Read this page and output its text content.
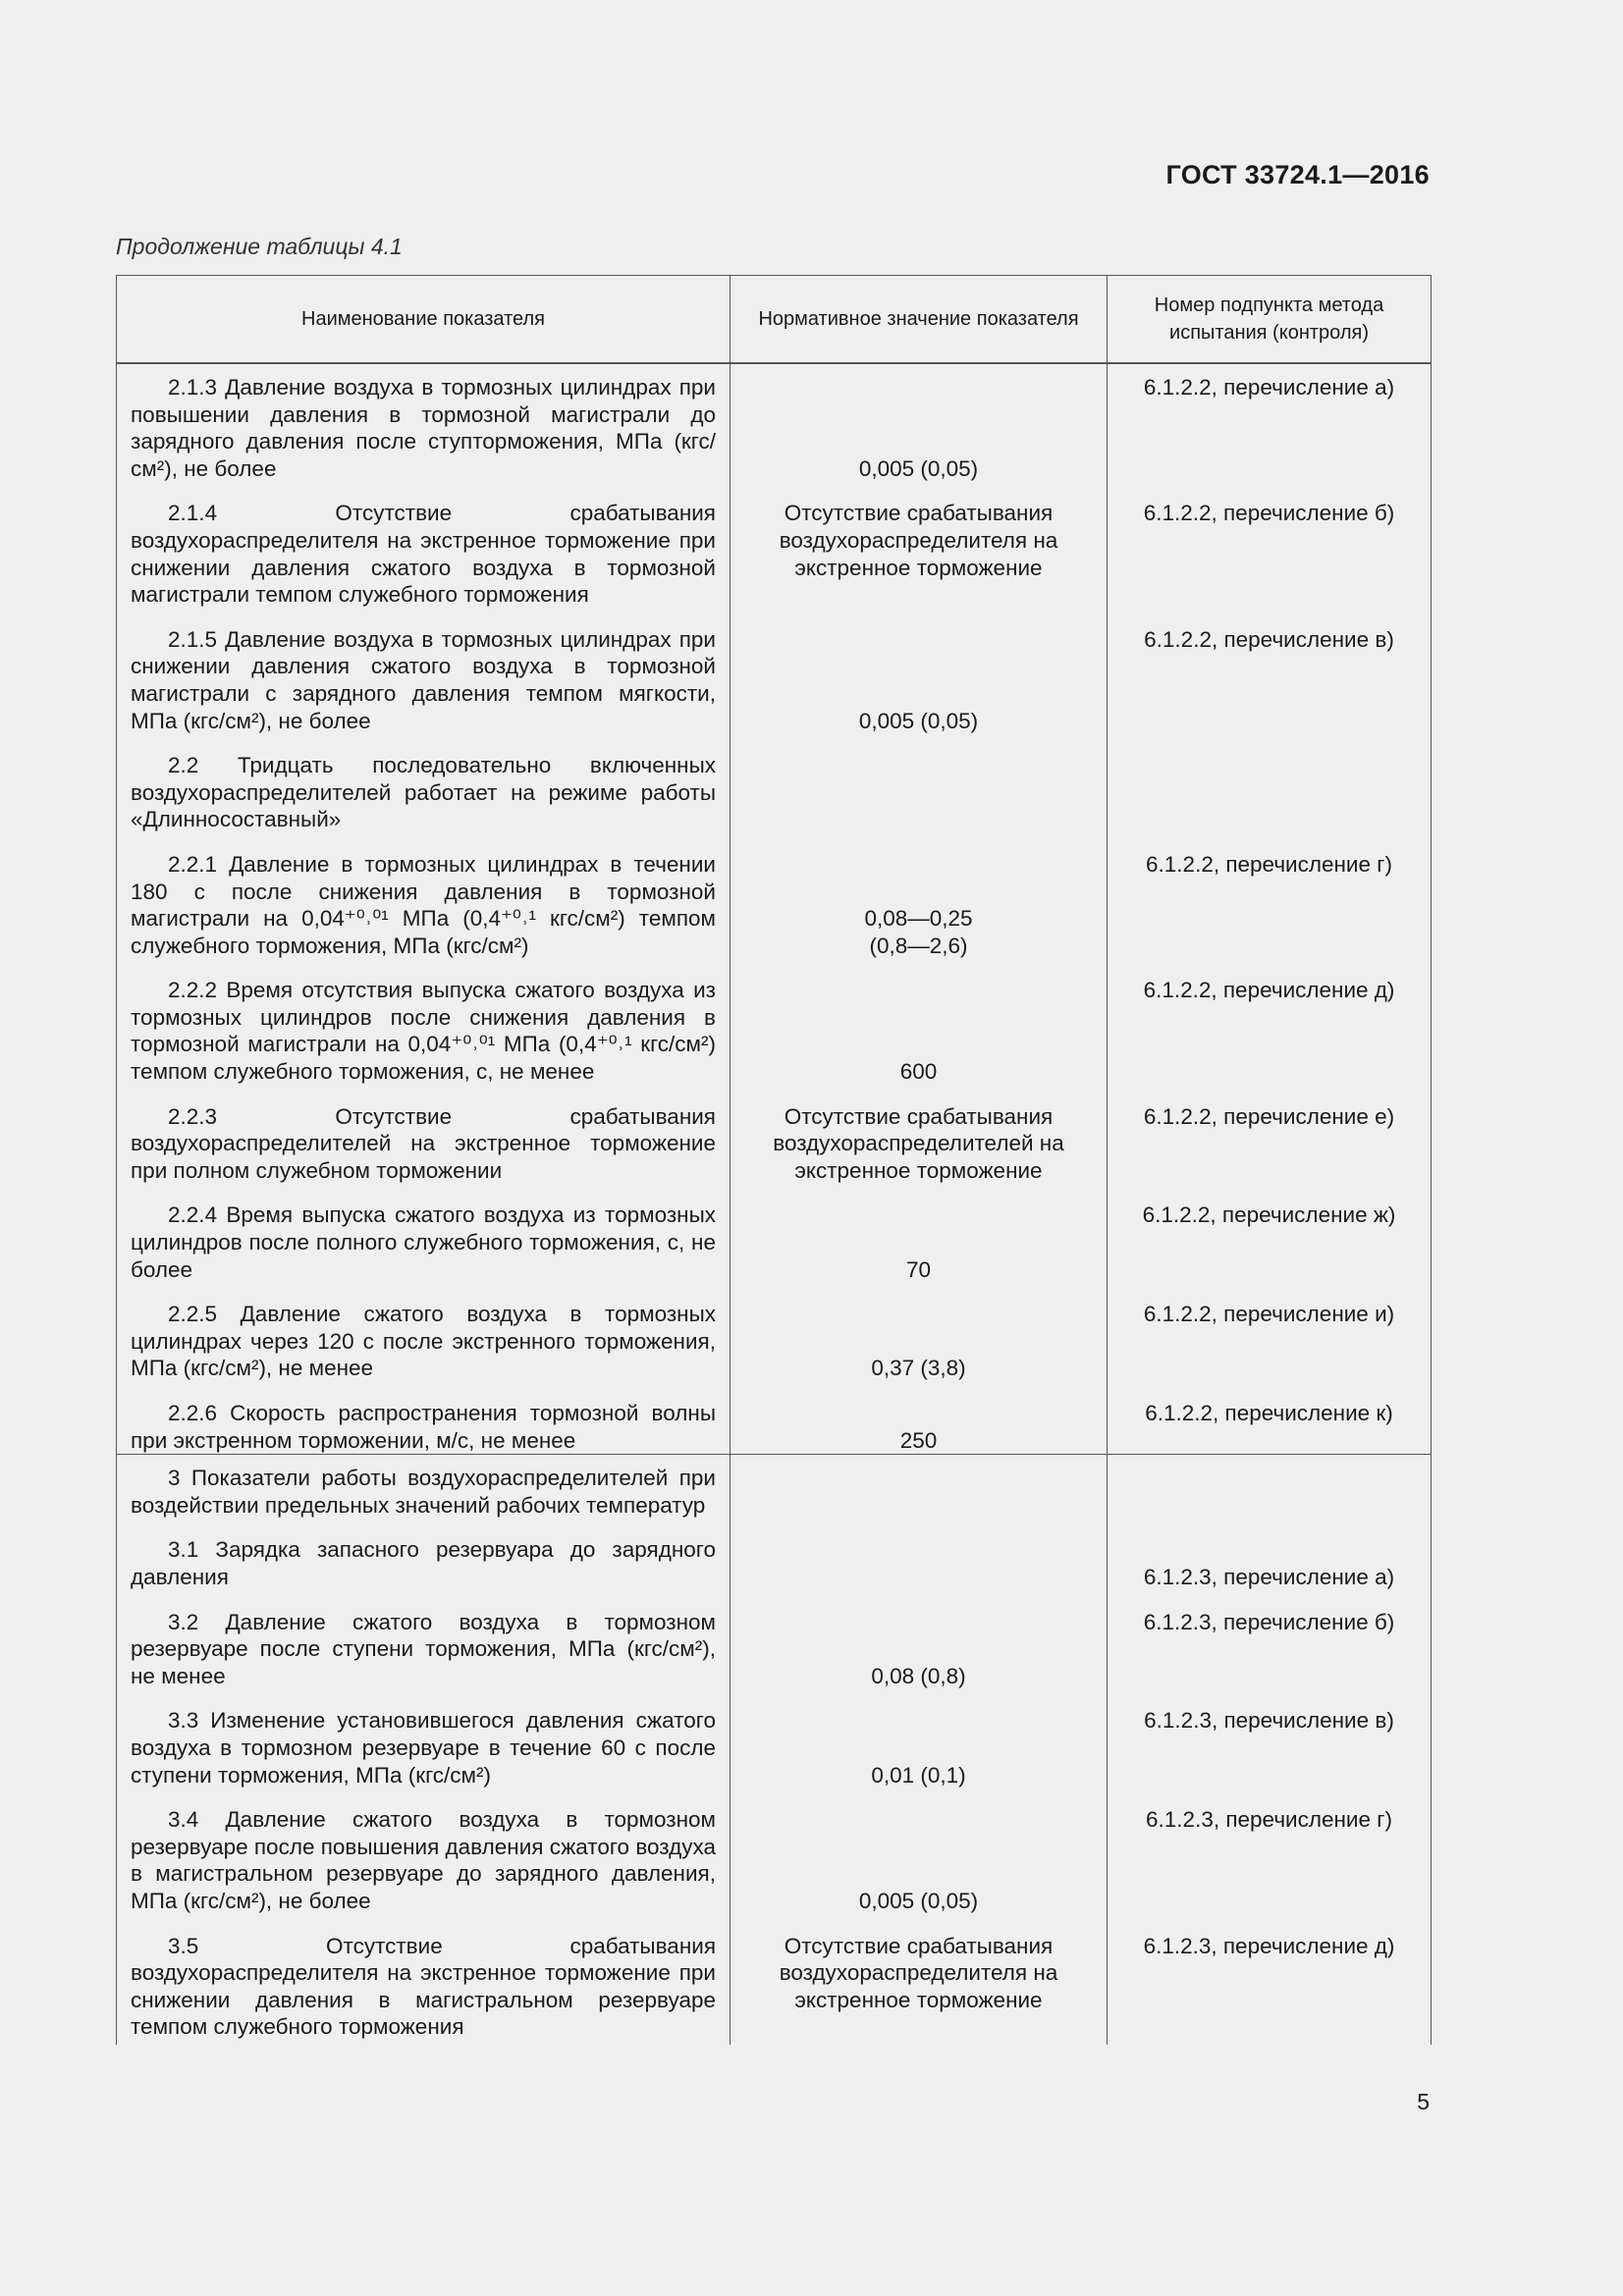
ГОСТ 33724.1—2016
Продолжение таблицы 4.1
Наименование показателя	Нормативное значение показателя	Номер подпункта метода испытания (контроля)

2.1.3 Давление воздуха в тормозных цилиндрах при повышении давления в тормозной магистрали до зарядного давления после ступторможения, МПа (кгс/см²), не более	0,005 (0,05)	6.1.2.2, перечисление а)

2.1.4 Отсутствие срабатывания воздухораспределителя на экстренное торможение при снижении давления сжатого воздуха в тормозной магистрали темпом служебного торможения	Отсутствие срабатывания воздухораспределителя на экстренное торможение	6.1.2.2, перечисление б)

2.1.5 Давление воздуха в тормозных цилиндрах при снижении давления сжатого воздуха в тормозной магистрали с зарядного давления темпом мягкости, МПа (кгс/см²), не более	0,005 (0,05)	6.1.2.2, перечисление в)

2.2 Тридцать последовательно включенных воздухораспределителей работает на режиме работы «Длинносоставный»		

2.2.1 Давление в тормозных цилиндрах в течении 180 с после снижения давления в тормозной магистрали на 0,04⁺⁰˒⁰¹ МПа (0,4⁺⁰˒¹ кгс/см²) темпом служебного торможения, МПа (кгс/см²)	0,08—0,25
(0,8—2,6)	6.1.2.2, перечисление г)

2.2.2 Время отсутствия выпуска сжатого воздуха из тормозных цилиндров после снижения давления в тормозной магистрали на 0,04⁺⁰˒⁰¹ МПа (0,4⁺⁰˒¹ кгс/см²) темпом служебного торможения, с, не менее	600	6.1.2.2, перечисление д)

2.2.3 Отсутствие срабатывания воздухораспределителей на экстренное торможение при полном служебном торможении	Отсутствие срабатывания воздухораспределителей на экстренное торможение	6.1.2.2, перечисление е)

2.2.4 Время выпуска сжатого воздуха из тормозных цилиндров после полного служебного торможения, с, не более	70	6.1.2.2, перечисление ж)

2.2.5 Давление сжатого воздуха в тормозных цилиндрах через 120 с после экстренного торможения, МПа (кгс/см²), не менее	0,37 (3,8)	6.1.2.2, перечисление и)

2.2.6 Скорость распространения тормозной волны при экстренном торможении, м/с, не менее	250	6.1.2.2, перечисление к)

3 Показатели работы воздухораспределителей при воздействии предельных значений рабочих температур		

3.1 Зарядка запасного резервуара до зарядного давления		6.1.2.3, перечисление а)

3.2 Давление сжатого воздуха в тормозном резервуаре после ступени торможения, МПа (кгс/см²), не менее	0,08 (0,8)	6.1.2.3, перечисление б)

3.3 Изменение установившегося давления сжатого воздуха в тормозном резервуаре в течение 60 с после ступени торможения, МПа (кгс/см²)	0,01 (0,1)	6.1.2.3, перечисление в)

3.4 Давление сжатого воздуха в тормозном резервуаре после повышения давления сжатого воздуха в магистральном резервуаре до зарядного давления, МПа (кгс/см²), не более	0,005 (0,05)	6.1.2.3, перечисление г)

3.5 Отсутствие срабатывания воздухораспределителя на экстренное торможение при снижении давления в магистральном резервуаре темпом служебного торможения	Отсутствие срабатывания воздухораспределителя на экстренное торможение	6.1.2.3, перечисление д)
5
